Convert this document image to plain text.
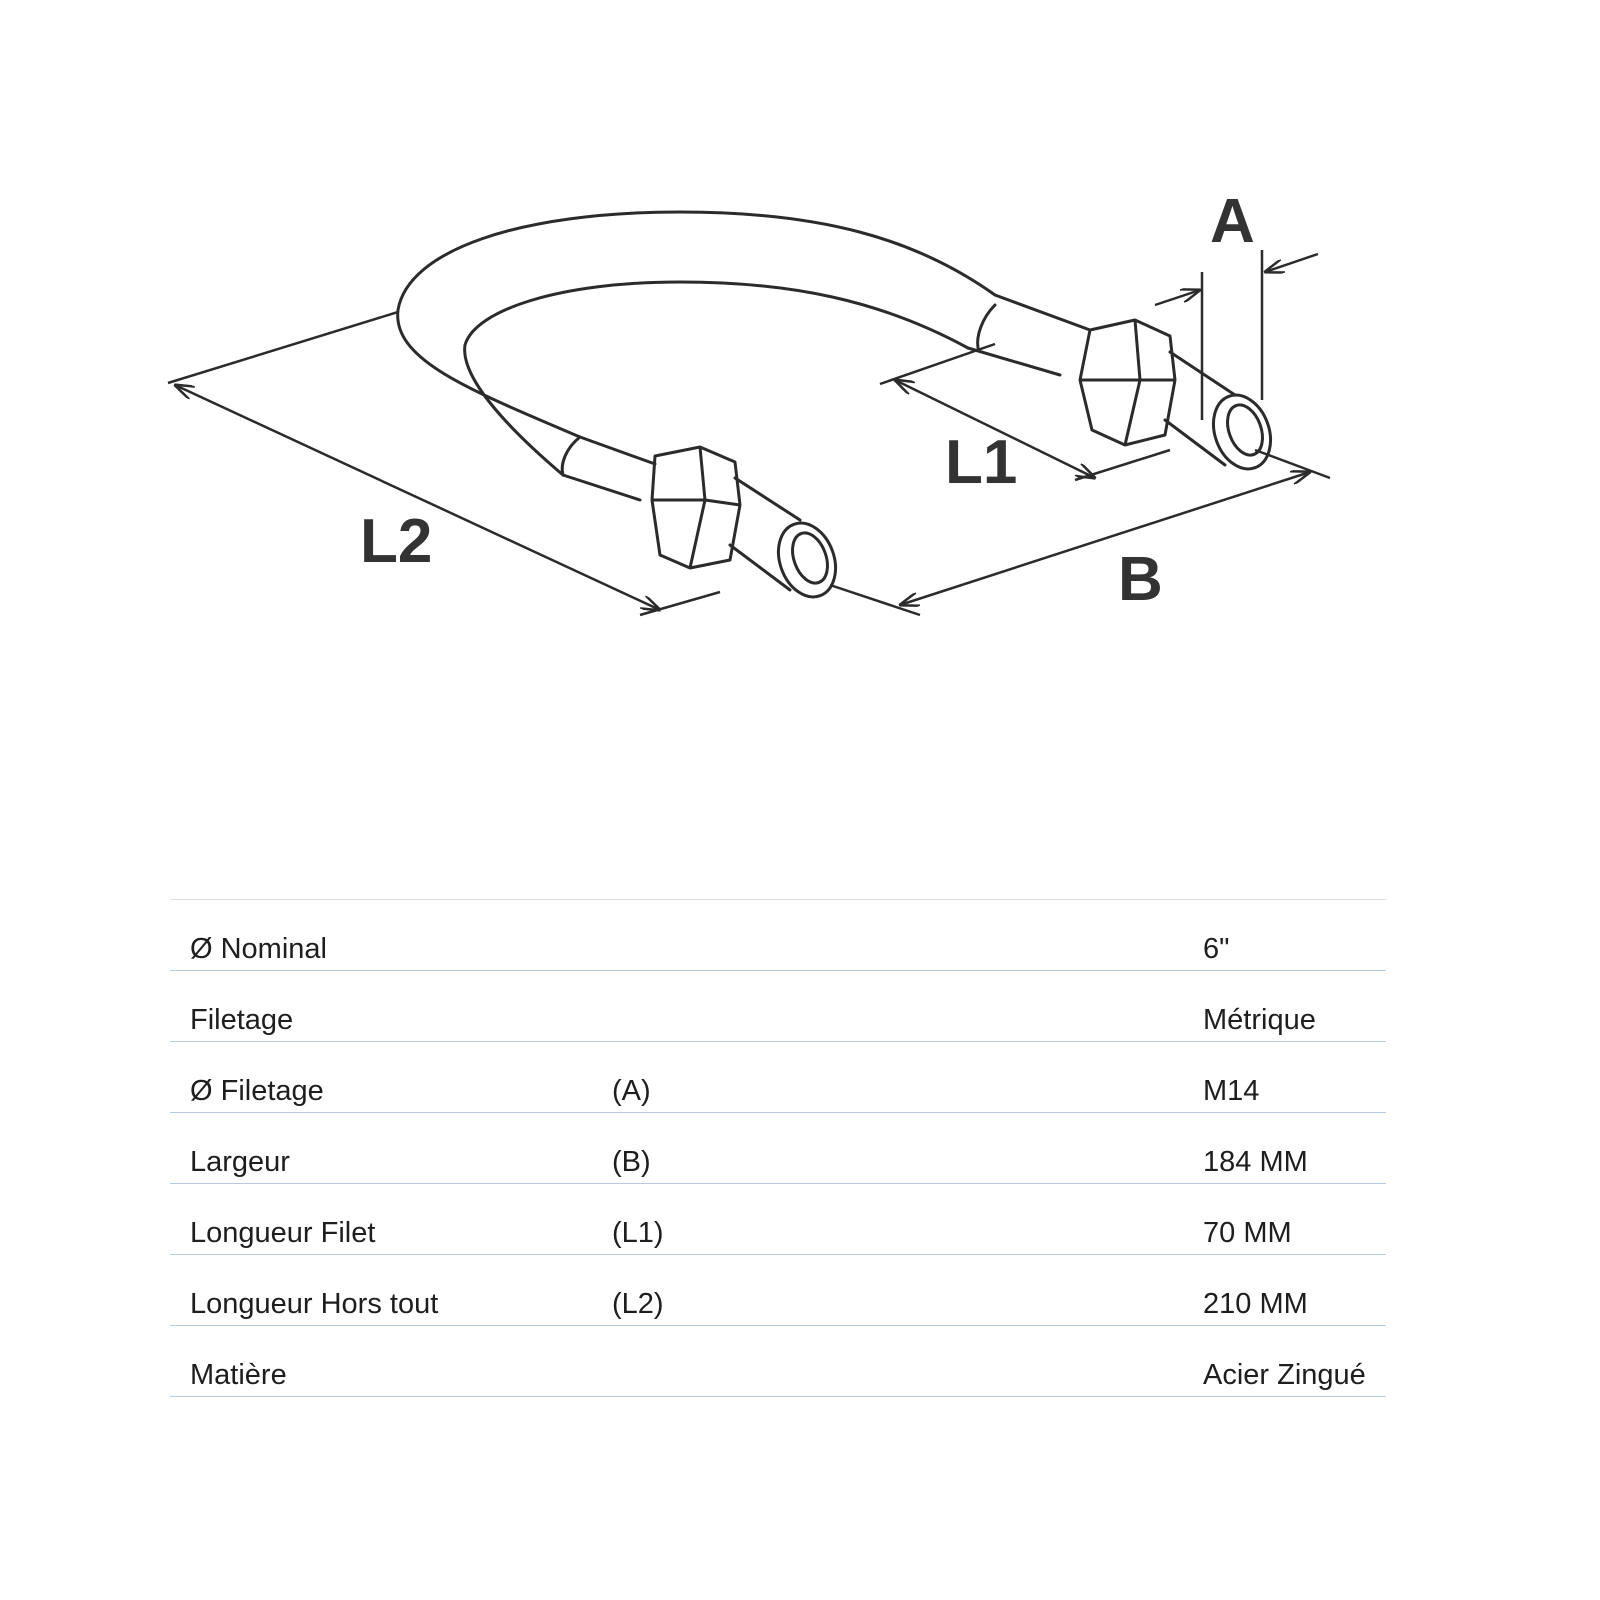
A
L1
L2
B
Ø Nominal		6"
Filetage		Métrique
Ø Filetage	(A)	M14
Largeur	(B)	184 MM
Longueur Filet	(L1)	70 MM
Longueur Hors tout	(L2)	210 MM
Matière		Acier Zingué
